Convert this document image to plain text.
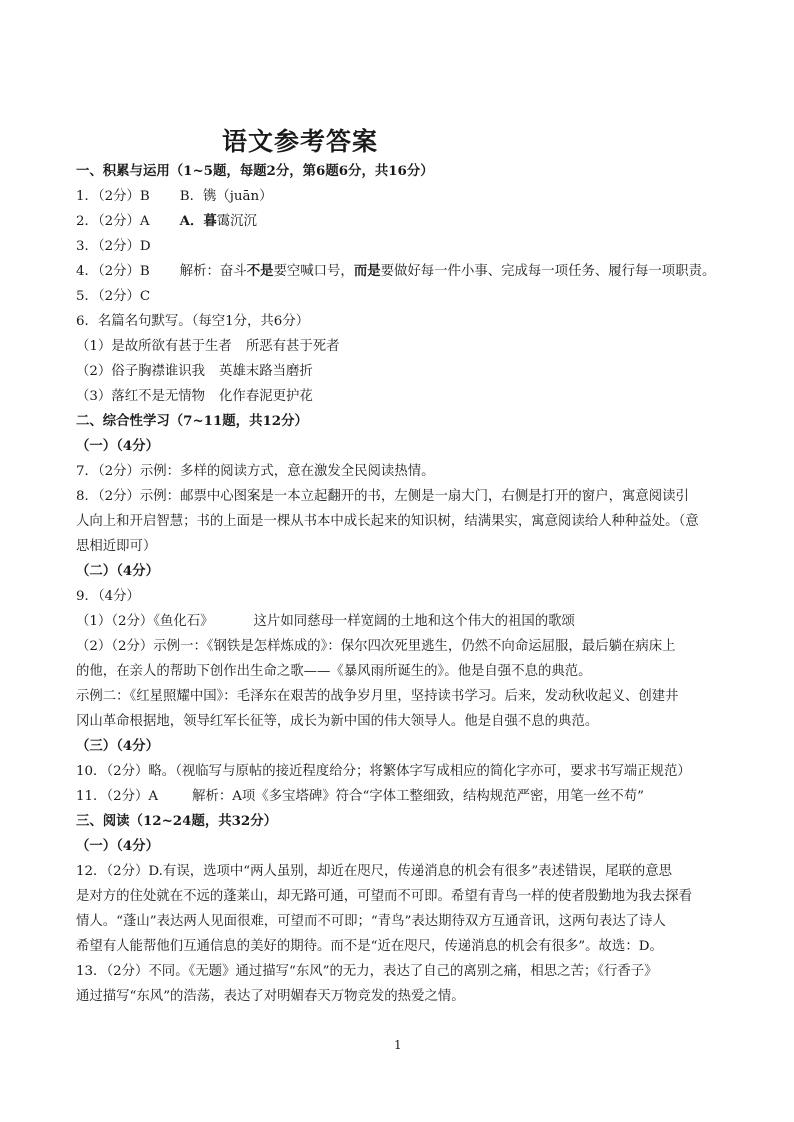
语文参考答案
一、积累与运用（1~5题，每题2分，第6题6分，共16分）
1．（2分）B B．镌（juān）
2．（2分）A A．暮霭沉沉
3．（2分）D
4．（2分）B 解析：奋斗不是要空喊口号，而是要做好每一件小事、完成每一项任务、履行每一项职责。
5．（2分）C
6．名篇名句默写。（每空1分，共6分）
（1）是故所欲有甚于生者 所恶有甚于死者
（2）俗子胸襟谁识我 英雄末路当磨折
（3）落红不是无情物 化作春泥更护花
二、综合性学习（7~11题，共12分）
（一）（4分）
7．（2分）示例：多样的阅读方式，意在激发全民阅读热情。
8．（2分）示例：邮票中心图案是一本立起翻开的书，左侧是一扇大门，右侧是打开的窗户，寓意阅读引
人向上和开启智慧；书的上面是一棵从书本中成长起来的知识树，结满果实，寓意阅读给人种种益处。（意
思相近即可）
（二）（4分）
9．（4分）
（1）（2分）《鱼化石》	这片如同慈母一样宽阔的土地和这个伟大的祖国的歌颂
（2）（2分）示例一：《钢铁是怎样炼成的》：保尔四次死里逃生，仍然不向命运屈服，最后躺在病床上
的他，在亲人的帮助下创作出生命之歌——《暴风雨所诞生的》。他是自强不息的典范。
示例二：《红星照耀中国》：毛泽东在艰苦的战争岁月里，坚持读书学习。后来，发动秋收起义、创建井
冈山革命根据地，领导红军长征等，成长为新中国的伟大领导人。他是自强不息的典范。
（三）（4分）
10．（2分）略。（视临写与原帖的接近程度给分；将繁体字写成相应的简化字亦可，要求书写端正规范）
11．（2分）A	解析：A项《多宝塔碑》符合“字体工整细致，结构规范严密，用笔一丝不苟”
三、阅读（12~24题，共32分）
（一）（4分）
12．（2分）D.有误，选项中“两人虽别，却近在咫尺，传递消息的机会有很多”表述错误，尾联的意思
是对方的住处就在不远的蓬莱山，却无路可通，可望而不可即。希望有青鸟一样的使者殷勤地为我去探看
情人。“蓬山”表达两人见面很难，可望而不可即；“青鸟”表达期待双方互通音讯，这两句表达了诗人
希望有人能帮他们互通信息的美好的期待。而不是“近在咫尺，传递消息的机会有很多”。故选：D。
13．（2分）不同。《无题》通过描写“东风”的无力，表达了自己的离别之痛，相思之苦；《行香子》
通过描写“东风”的浩荡，表达了对明媚春天万物竞发的热爱之情。
1
